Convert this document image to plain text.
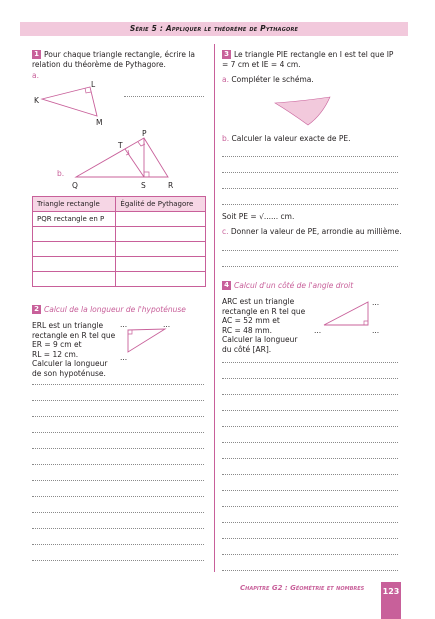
Série 5 : Appliquer le théorème de Pythagore
1 Pour chaque triangle rectangle, écrire la relation du théorème de Pythagore.
a.
K
L
M
b.
P
T
Q	S	R
Triangle rectangle	Égalité de Pythagore
PQR rectangle en P	

2 Calcul de la longueur de l'hypoténuse
ERL est un triangle rectangle en R tel que
ER = 9 cm et
RL = 12 cm.
Calculer la longueur de son hypoténuse.
...	...
...
3 Le triangle PIE rectangle en I est tel que IP = 7 cm et IE = 4 cm.
a. Compléter le schéma.
b. Calculer la valeur exacte de PE.
Soit PE = √...... cm.
c. Donner la valeur de PE, arrondie au millième.
4 Calcul d'un côté de l'angle droit
ARC est un triangle rectangle en R tel que
AC = 52 mm et
RC = 48 mm.
Calculer la longueur du côté [AR].
...
...	...
Chapitre G2 : Géométrie et nombres 123
